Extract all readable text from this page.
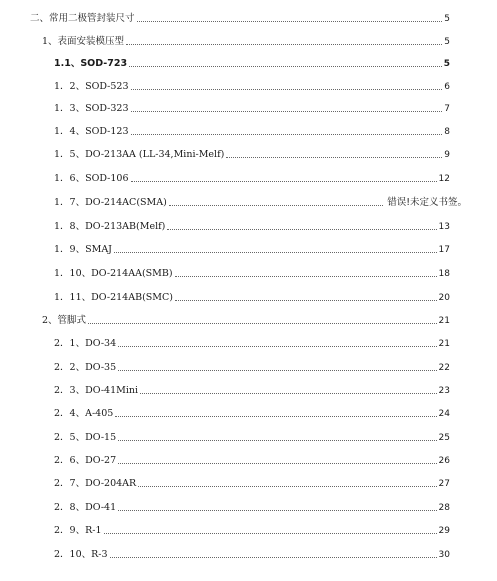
二、常用二极管封装尺寸	5
1、表面安装模压型	5
1.1、SOD-723	5
1．2、SOD-523	6
1．3、SOD-323	7
1．4、SOD-123	8
1．5、DO-213AA (LL-34,Mini-Melf)	9
1．6、SOD-106	12
1．7、DO-214AC(SMA)	错误!未定义书签。
1．8、DO-213AB(Melf)	13
1．9、SMAJ	17
1．10、DO-214AA(SMB)	18
1．11、DO-214AB(SMC)	20
2、管脚式	21
2．1、DO-34	21
2．2、DO-35	22
2．3、DO-41Mini	23
2．4、A-405	24
2．5、DO-15	25
2．6、DO-27	26
2．7、DO-204AR	27
2．8、DO-41	28
2．9、R-1	29
2．10、R-3	30
